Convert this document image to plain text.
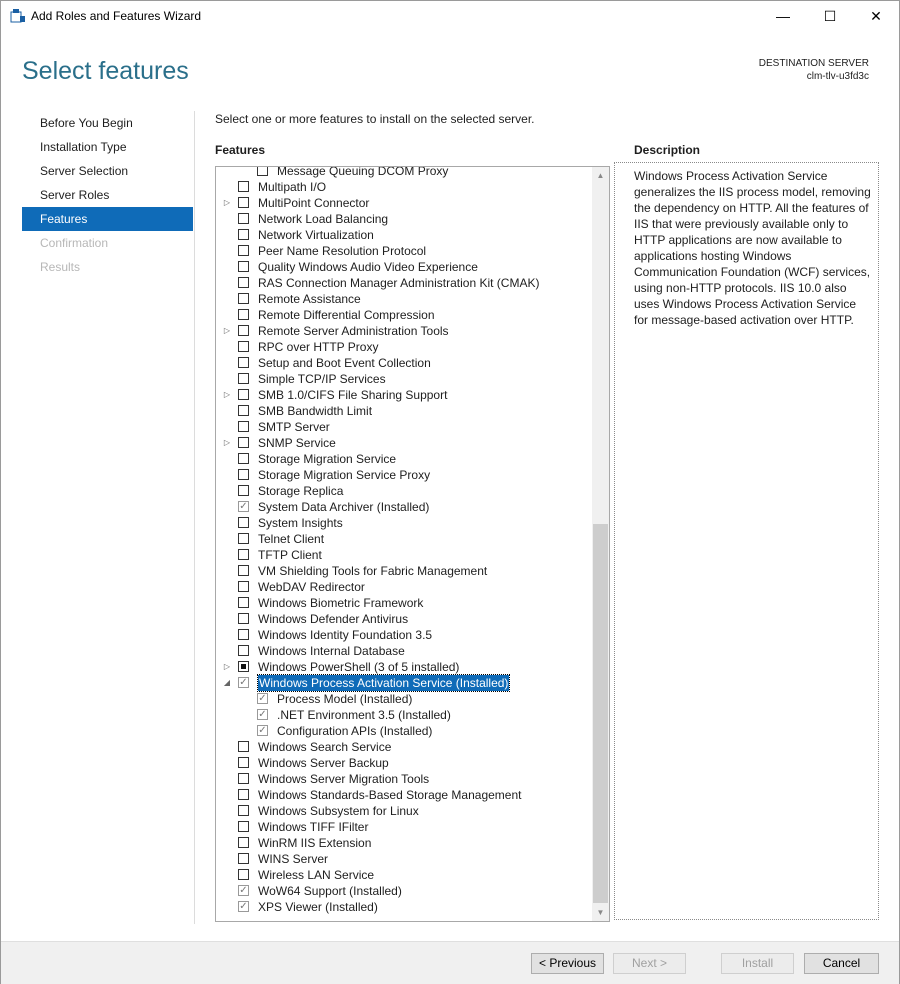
Add Roles and Features Wizard	—	☐	✕
Select features	DESTINATION SERVER
clm-tlv-u3fd3c
Before You Begin
Installation Type
Server Selection
Server Roles
Features
Confirmation
Results
Select one or more features to install on the selected server.
Features	Description
Message Queuing DCOM Proxy
Multipath I/O
▷ MultiPoint Connector
Network Load Balancing
Network Virtualization
Peer Name Resolution Protocol
Quality Windows Audio Video Experience
RAS Connection Manager Administration Kit (CMAK)
Remote Assistance
Remote Differential Compression
▷ Remote Server Administration Tools
RPC over HTTP Proxy
Setup and Boot Event Collection
Simple TCP/IP Services
▷ SMB 1.0/CIFS File Sharing Support
SMB Bandwidth Limit
SMTP Server
▷ SNMP Service
Storage Migration Service
Storage Migration Service Proxy
Storage Replica
✓ System Data Archiver (Installed)
System Insights
Telnet Client
TFTP Client
VM Shielding Tools for Fabric Management
WebDAV Redirector
Windows Biometric Framework
Windows Defender Antivirus
Windows Identity Foundation 3.5
Windows Internal Database
▷ Windows PowerShell (3 of 5 installed)
◢ ✓ Windows Process Activation Service (Installed)
✓ Process Model (Installed)
✓ .NET Environment 3.5 (Installed)
✓ Configuration APIs (Installed)
Windows Search Service
Windows Server Backup
Windows Server Migration Tools
Windows Standards-Based Storage Management
Windows Subsystem for Linux
Windows TIFF IFilter
WinRM IIS Extension
WINS Server
Wireless LAN Service
✓ WoW64 Support (Installed)
✓ XPS Viewer (Installed)
▲
▼
Windows Process Activation Service generalizes the IIS process model, removing the dependency on HTTP. All the features of IIS that were previously available only to HTTP applications are now available to applications hosting Windows Communication Foundation (WCF) services, using non-HTTP protocols. IIS 10.0 also uses Windows Process Activation Service for message-based activation over HTTP.
< Previous	Next >	Install	Cancel
